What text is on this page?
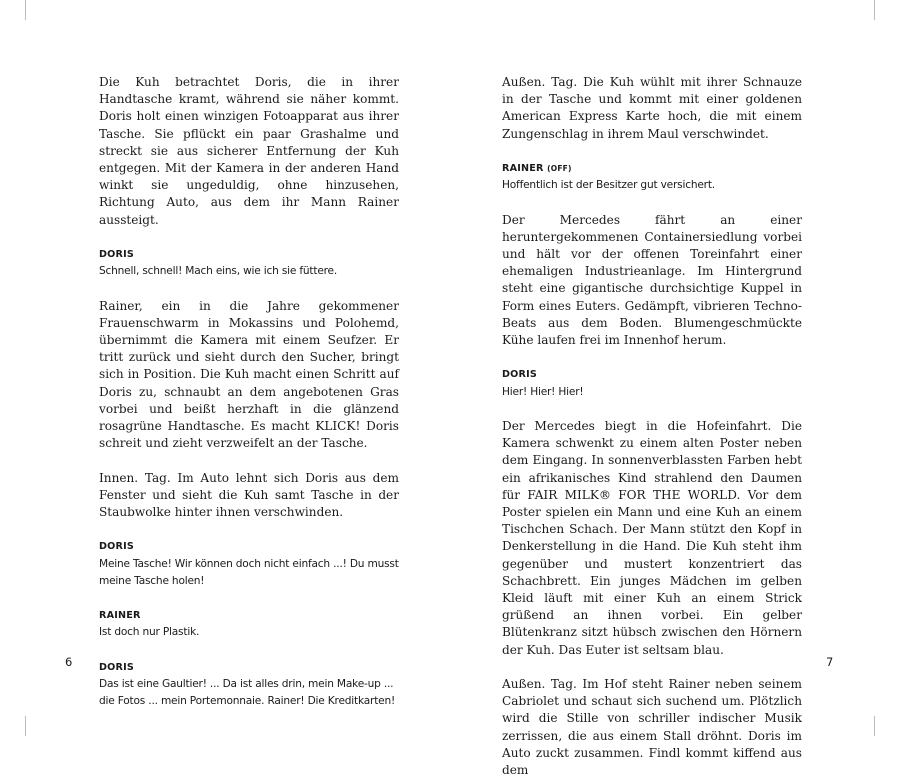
Die Kuh betrachtet Doris, die in ihrer Handtasche kramt, während sie näher kommt. Doris holt einen winzigen Fotoapparat aus ihrer Tasche. Sie pflückt ein paar Grashalme und streckt sie aus sicherer Entfernung der Kuh entgegen. Mit der Kamera in der anderen Hand winkt sie ungeduldig, ohne hinzusehen, Richtung Auto, aus dem ihr Mann Rainer aussteigt.

DORIS

Schnell, schnell! Mach eins, wie ich sie füttere.

Rainer, ein in die Jahre gekommener Frauenschwarm in Mokassins und Polohemd, übernimmt die Kamera mit einem Seufzer. Er tritt zurück und sieht durch den Sucher, bringt sich in Position. Die Kuh macht einen Schritt auf Doris zu, schnaubt an dem angebotenen Gras vorbei und beißt herzhaft in die glänzend rosagrüne Handtasche. Es macht KLICK! Doris schreit und zieht verzweifelt an der Tasche.

Innen. Tag. Im Auto lehnt sich Doris aus dem Fenster und sieht die Kuh samt Tasche in der Staubwolke hinter ihnen verschwinden.

DORIS

Meine Tasche! Wir können doch nicht einfach ...! Du musst meine Tasche holen!

RAINER

Ist doch nur Plastik.

DORIS

Das ist eine Gaultier! ... Da ist alles drin, mein Make-up ... die Fotos ... mein Portemonnaie. Rainer! Die Kreditkarten!

6

Außen. Tag. Die Kuh wühlt mit ihrer Schnauze in der Tasche und kommt mit einer goldenen American Express Karte hoch, die mit einem Zungenschlag in ihrem Maul verschwindet.

RAINER (OFF)

Hoffentlich ist der Besitzer gut versichert.

Der Mercedes fährt an einer heruntergekommenen Containersiedlung vorbei und hält vor der offenen Toreinfahrt einer ehemaligen Industrieanlage. Im Hintergrund steht eine gigantische durchsichtige Kuppel in Form eines Euters. Gedämpft, vibrieren Techno-Beats aus dem Boden. Blumengeschmückte Kühe laufen frei im Innenhof herum.

DORIS

Hier! Hier! Hier!

Der Mercedes biegt in die Hofeinfahrt. Die Kamera schwenkt zu einem alten Poster neben dem Eingang. In sonnenverblassten Farben hebt ein afrikanisches Kind strahlend den Daumen für FAIR MILK® FOR THE WORLD. Vor dem Poster spielen ein Mann und eine Kuh an einem Tischchen Schach. Der Mann stützt den Kopf in Denkerstellung in die Hand. Die Kuh steht ihm gegenüber und mustert konzentriert das Schachbrett. Ein junges Mädchen im gelben Kleid läuft mit einer Kuh an einem Strick grüßend an ihnen vorbei. Ein gelber Blütenkranz sitzt hübsch zwischen den Hörnern der Kuh. Das Euter ist seltsam blau.

Außen. Tag. Im Hof steht Rainer neben seinem Cabriolet und schaut sich suchend um. Plötzlich wird die Stille von schriller indischer Musik zerrissen, die aus einem Stall dröhnt. Doris im Auto zuckt zusammen. Findl kommt kiffend aus dem

7
